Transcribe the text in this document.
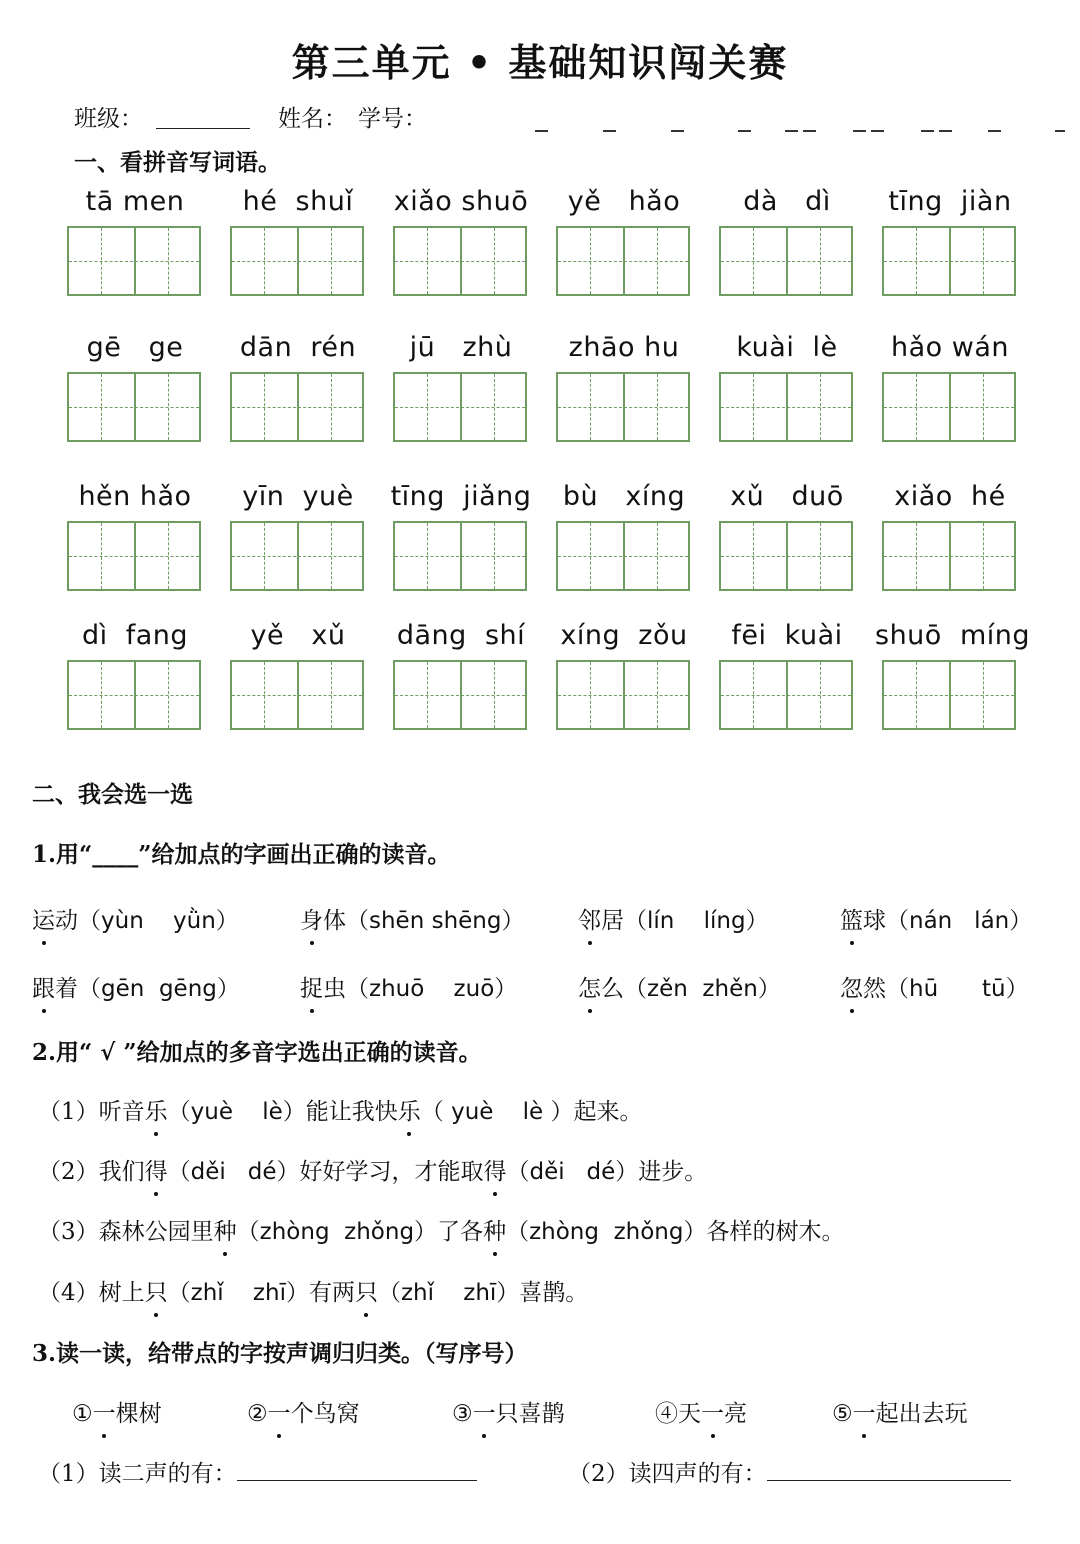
第三单元 • 基础知识闯关赛
班级：	姓名： 学号：
一、看拼音写词语。
tā men	hé  shuǐ	xiǎo shuō	yě   hǎo	dà   dì	tīng  jiàn
gē   ge	dān  rén	jū   zhù	zhāo hu	kuài  lè	hǎo wán
hěn hǎo	yīn  yuè	tīng  jiǎng	bù   xíng	xǔ   duō	xiǎo  hé
dì  fang	yě   xǔ	dāng  shí	xíng  zǒu	fēi  kuài	shuō  míng
二、我会选一选
1.用“____”给加点的字画出正确的读音。
运动（yùn    yǜn）	身体（shēn shēng） 邻居（lín    líng）	篮球（nán   lán）
跟着（gēn  gēng）	捉虫（zhuō    zuō）	怎么（zěn  zhěn）	忽然（hū      tū）
2.用“ √ ”给加点的多音字选出正确的读音。
（1）听音乐（yuè    lè）能让我快乐（ yuè    lè ）起来。
（2）我们得（děi   dé）好好学习，才能取得（děi   dé）进步。
（3）森林公园里种（zhòng  zhǒng）了各种（zhòng  zhǒng）各样的树木。
（4）树上只（zhǐ    zhī）有两只（zhǐ    zhī）喜鹊。
3.读一读，给带点的字按声调归归类。（写序号）
①一棵树	②一个鸟窝	③一只喜鹊	④天一亮	⑤一起出去玩
（1）读二声的有：	（2）读四声的有：
